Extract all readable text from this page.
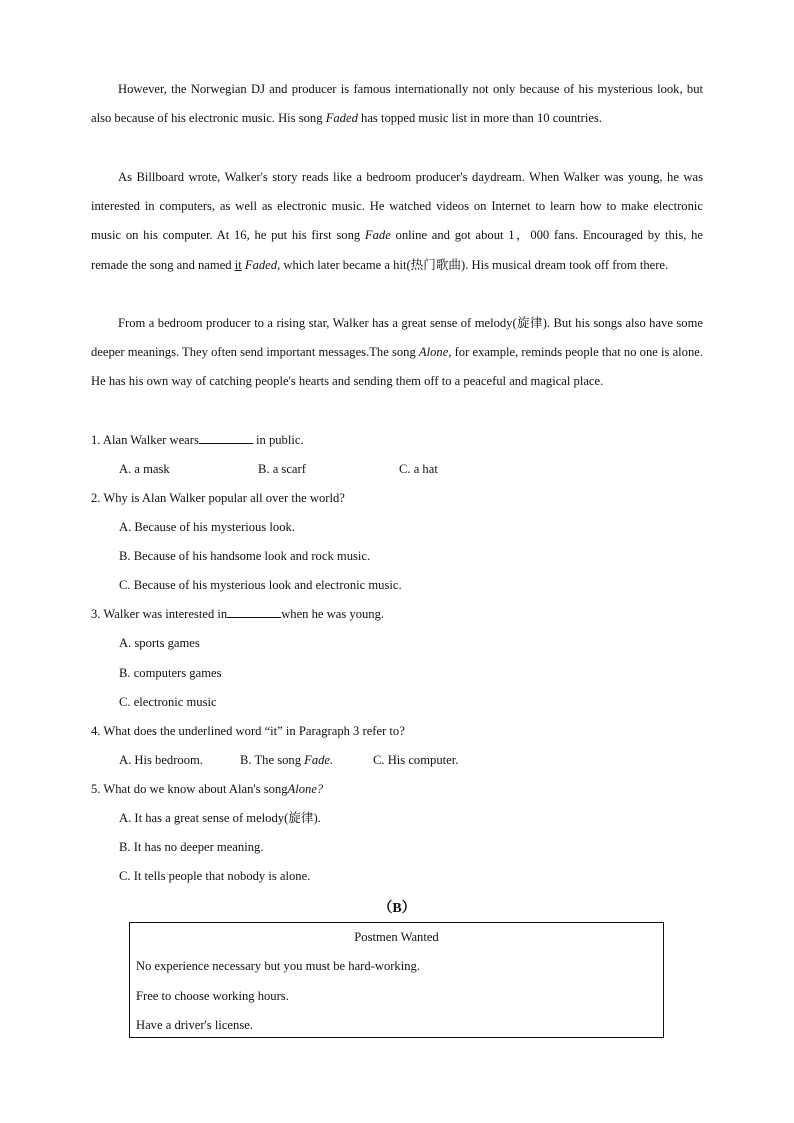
However, the Norwegian DJ and producer is famous internationally not only because of his mysterious look, but also because of his electronic music. His song Faded has topped music list in more than 10 countries.

As Billboard wrote, Walker's story reads like a bedroom producer's daydream. When Walker was young, he was interested in computers, as well as electronic music. He watched videos on Internet to learn how to make electronic music on his computer. At 16, he put his first song Fade online and got about 1，000 fans. Encouraged by this, he remade the song and named it Faded, which later became a hit(热门歌曲). His musical dream took off from there.

From a bedroom producer to a rising star, Walker has a great sense of melody(旋律). But his songs also have some deeper meanings. They often send important messages.The song Alone, for example, reminds people that no one is alone. He has his own way of catching people's hearts and sending them off to a peaceful and magical place.

1. Alan Walker wears	in public.
A. a mask	B. a scarf	C. a hat
2. Why is Alan Walker popular all over the world?
A. Because of his mysterious look.
B. Because of his handsome look and rock music.
C. Because of his mysterious look and electronic music.
3. Walker was interested in	when he was young.
A. sports games
B. computers games
C. electronic music
4. What does the underlined word “it” in Paragraph 3 refer to?
A. His bedroom.	B. The song Fade.	C. His computer.
5. What do we know about Alan's songAlone?
A. It has a great sense of melody(旋律).
B. It has no deeper meaning.
C. It tells people that nobody is alone.
（B）
Postmen Wanted
No experience necessary but you must be hard-working.
Free to choose working hours.
Have a driver's license.
